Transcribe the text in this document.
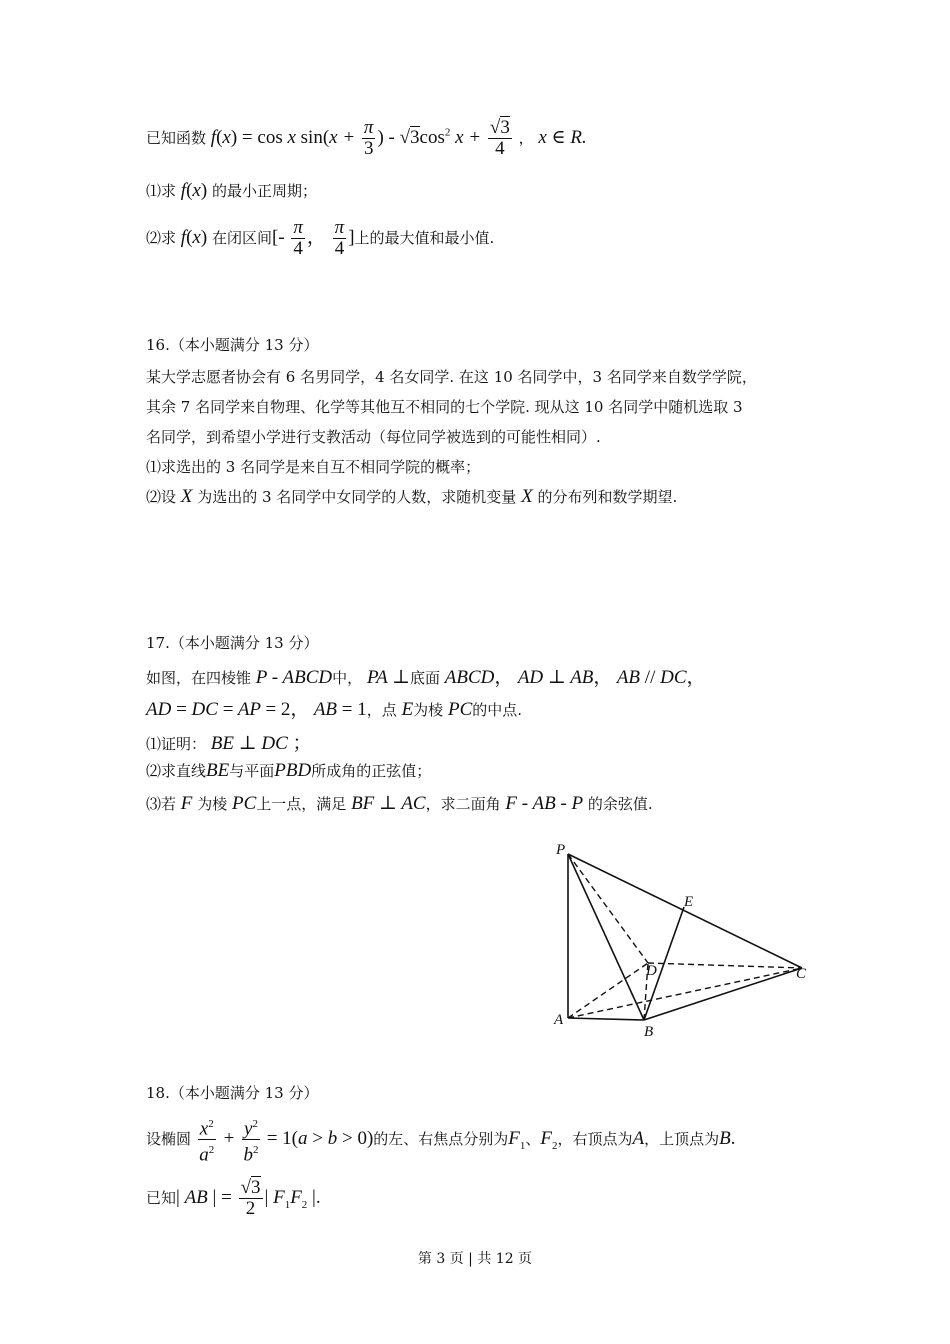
已知函数 f(x) = cos x $\sin(x + \frac{\pi}{3}$ ) - $√3\cos^2$ $x + \frac{√3}{4}$ ， x ∈ R.
⑴求 f(x) 的最小正周期；
⑵求 f(x) 在闭区间[- $\frac{\pi}{4}$ ， $\frac{\pi}{4}$ ]上的最大值和最小值.
16.（本小题满分 13 分）
某大学志愿者协会有 6 名男同学，4 名女同学. 在这 10 名同学中，3 名同学来自数学学院，
其余 7 名同学来自物理、化学等其他互不相同的七个学院. 现从这 10 名同学中随机选取 3
名同学，到希望小学进行支教活动（每位同学被选到的可能性相同）.
⑴求选出的 3 名同学是来自互不相同学院的概率；
⑵设 X 为选出的 3 名同学中女同学的人数，求随机变量 X 的分布列和数学期望.
17.（本小题满分 13 分）
如图，在四棱锥 P - ABCD中， PA ⊥底面 ABCD， AD ⊥ AB， AB // DC，
AD = DC = AP = 2， AB = 1，点 E为棱 PC的中点.
⑴证明： BE ⊥ DC ；
⑵求直线BE与平面PBD所成角的正弦值；
⑶若 F 为棱 PC上一点，满足 BF ⊥ AC，求二面角 F - AB - P 的余弦值.
P
E
D	C
A
B
18.（本小题满分 13 分）
设椭圆 $\frac{x^2}{a^2} + \frac{y^2}{b^2} = 1(a > b > 0)$的左、右焦点分别为$F_1$、$F_2$，右顶点为A，上顶点为B.
已知| AB | = $\frac{√3}{2}$ | $F_1F_2$ |.
第 3 页 | 共 12 页
